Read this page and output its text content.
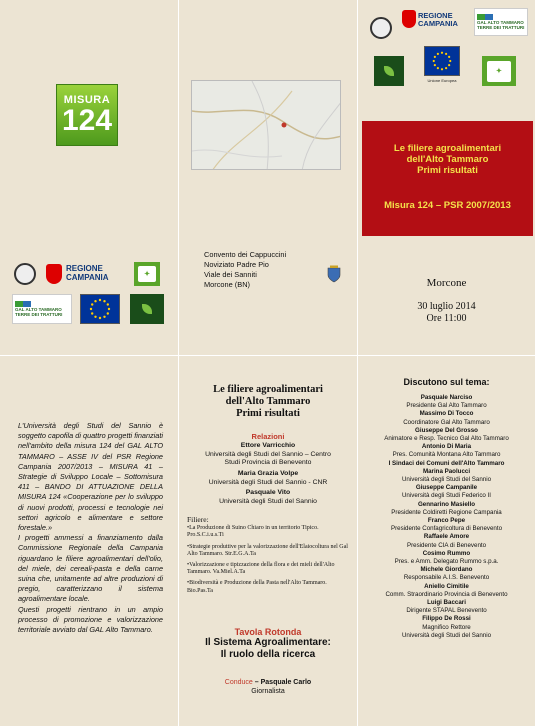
MISURA
124
REGIONE CAMPANIA	✦
GAL ALTO TAMMARO TERRE DEI TRATTURI
Convento dei Cappuccini
Noviziato Padre Pio
Viale dei Sanniti
Morcone (BN)
REGIONE CAMPANIA	GAL ALTO TAMMARO TERRE DEI TRATTURI
Unione Europea
✦
Le filiere agroalimentari
dell'Alto Tammaro
Primi risultati
Misura 124 – PSR 2007/2013
Morcone
30 luglio 2014
Ore 11:00

L'Università degli Studi del Sannio è soggetto capofila di quattro progetti finanziati nell'ambito della misura 124 del GAL ALTO TAMMARO – ASSE IV del PSR Regione Campania 2007/2013 – MISURA 41 – Strategie di Sviluppo Locale – Sottomisura 411 – BANDO DI ATTUAZIONE DELLA MISURA 124 «Cooperazione per lo sviluppo di nuovi prodotti, processi e tecnologie nei settori agricolo e alimentare e settore forestale.»

I progetti ammessi a finanziamento dalla Commissione Regionale della Campania riguardano le filiere agroalimentari dell'olio, del miele, dei cereali-pasta e della carne suina che, unitamente ad altre produzioni di pregio, caratterizzano il sistema agroalimentare locale.

Questi progetti rientrano in un ampio processo di promozione e valorizzazione territoriale avviato dal GAL Alto Tammaro.

Le filiere agroalimentari
dell'Alto Tammaro
Primi risultati
Relazioni
Ettore Varricchio
Università degli Studi del Sannio – Centro
Studi Provincia di Benevento
Maria Grazia Volpe
Università degli Studi del Sannio - CNR
Pasquale Vito
Università degli Studi del Sannio
Filiere:
•La Produzione di Suino Chiaro in un territorio Tipico. Pro.S.C.i.u.s.Ti
•Strategie produttive per la valorizzazione dell'Elaiocoltura nel Gal Alto Tammaro. Str.E.G.A.Ta
•Valorizzazione e tipizzazione della flora e dei mieli dell'Alto Tammaro. Va.Miel.A.Ta
•Biodiversità e Produzione della Pasta nell'Alto Tammaro. Bio.Pas.Ta
Tavola Rotonda
Il Sistema Agroalimentare:
Il ruolo della ricerca
Conduce – Pasquale Carlo
Giornalista
Discutono sul tema:
Pasquale Narciso
Presidente Gal Alto Tammaro
Massimo Di Tocco
Coordinatore Gal Alto Tammaro
Giuseppe Del Grosso
Animatore e Resp. Tecnico Gal Alto Tammaro
Antonio Di Maria
Pres. Comunità Montana Alto Tammaro
I Sindaci dei Comuni dell'Alto Tammaro
Marina Paolucci
Università degli Studi del Sannio
Giuseppe Campanile
Università degli Studi Federico II
Gennarino Masiello
Presidente Coldiretti Regione Campania
Franco Pepe
Presidente Confagricoltura di Benevento
Raffaele Amore
Presidente CIA di Benevento
Cosimo Rummo
Pres. e Amm. Delegato Rummo s.p.a.
Michele Giordano
Responsabile A.I.S. Benevento
Aniello Cimitile
Comm. Straordinario Provincia di Benevento
Luigi Baccari
Dirigente STAPAL Benevento
Filippo De Rossi
Magnifico Rettore
Università degli Studi del Sannio
